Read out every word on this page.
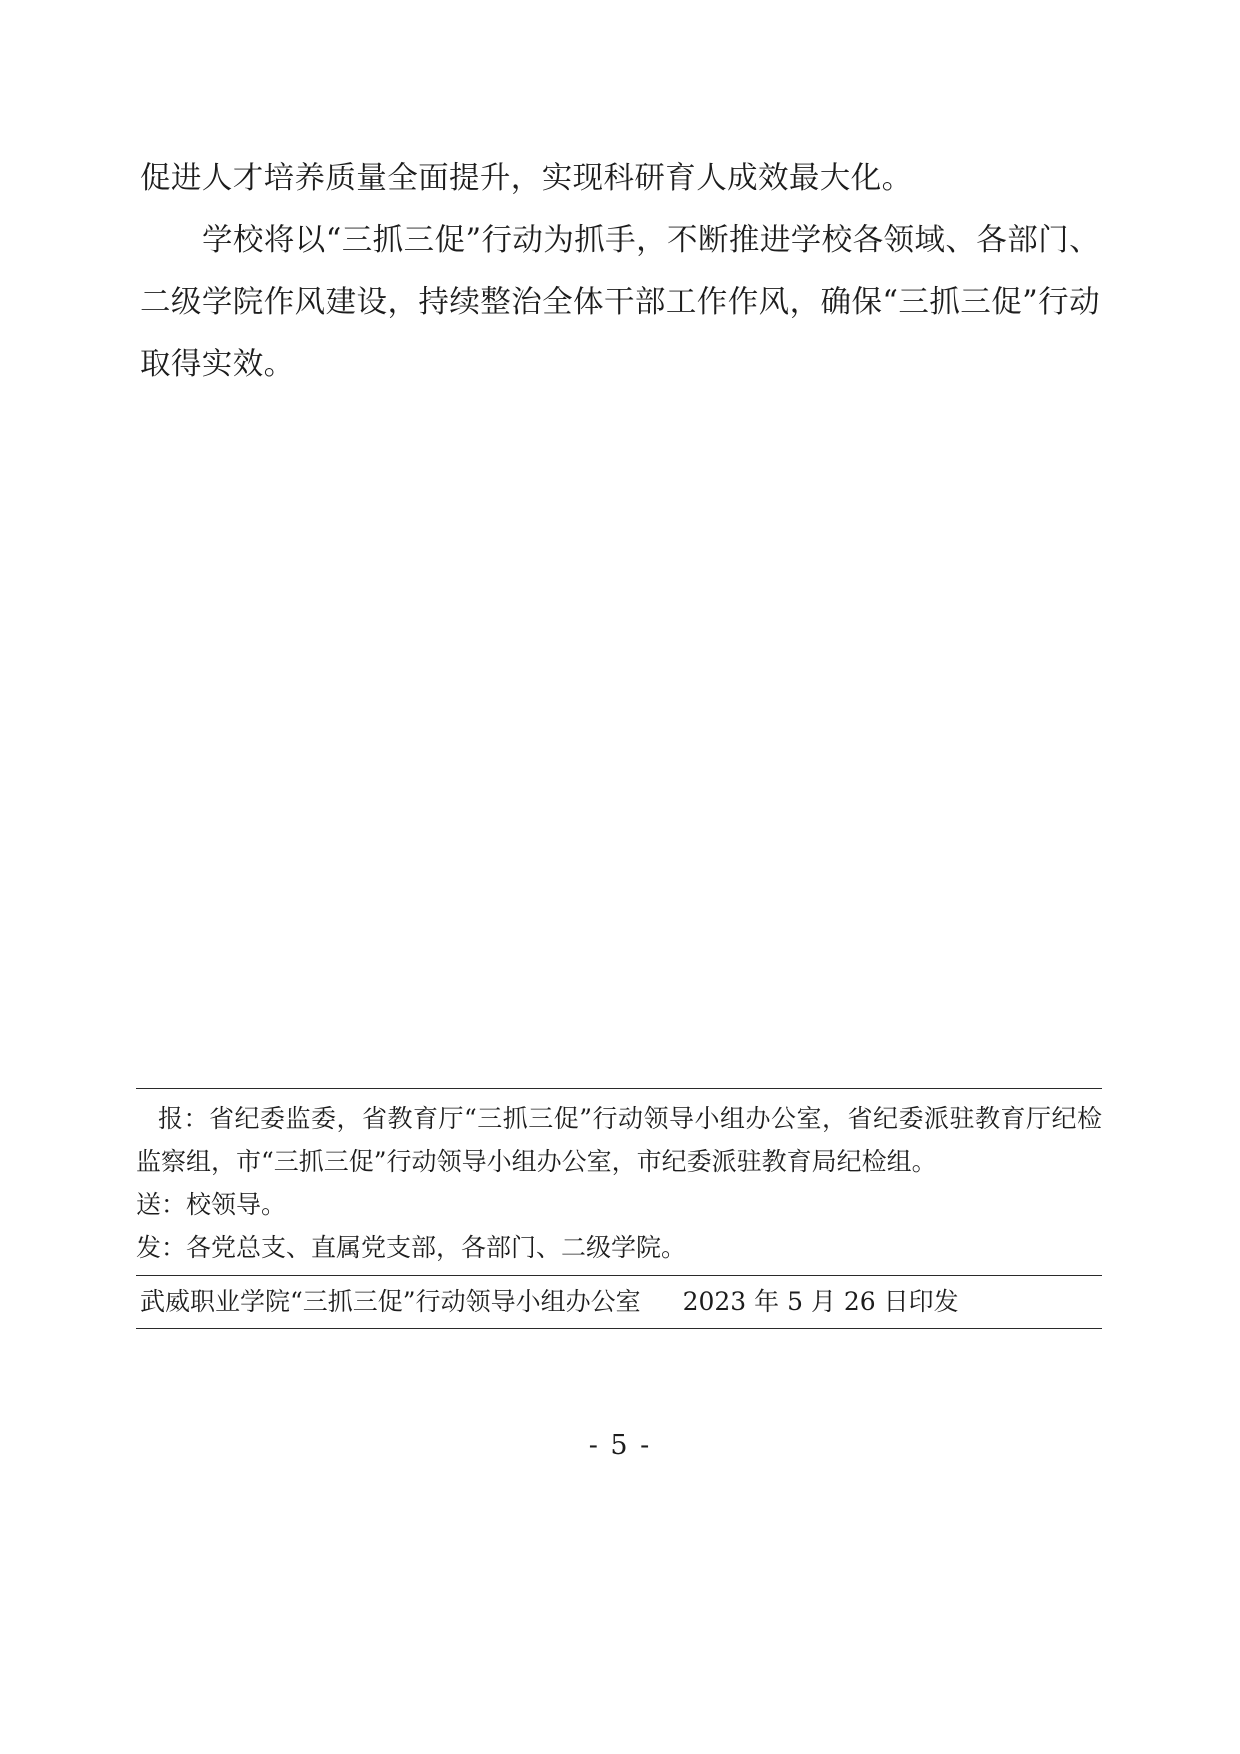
促进人才培养质量全面提升，实现科研育人成效最大化。

学校将以“三抓三促”行动为抓手，不断推进学校各领域、各部门、二级学院作风建设，持续整治全体干部工作作风，确保“三抓三促”行动取得实效。

报：省纪委监委，省教育厅“三抓三促”行动领导小组办公室，省纪委派驻教育厅纪检监察组，市“三抓三促”行动领导小组办公室，市纪委派驻教育局纪检组。
送：校领导。
发：各党总支、直属党支部，各部门、二级学院。
武威职业学院“三抓三促”行动领导小组办公室 2023 年 5 月 26 日印发
- 5 -
